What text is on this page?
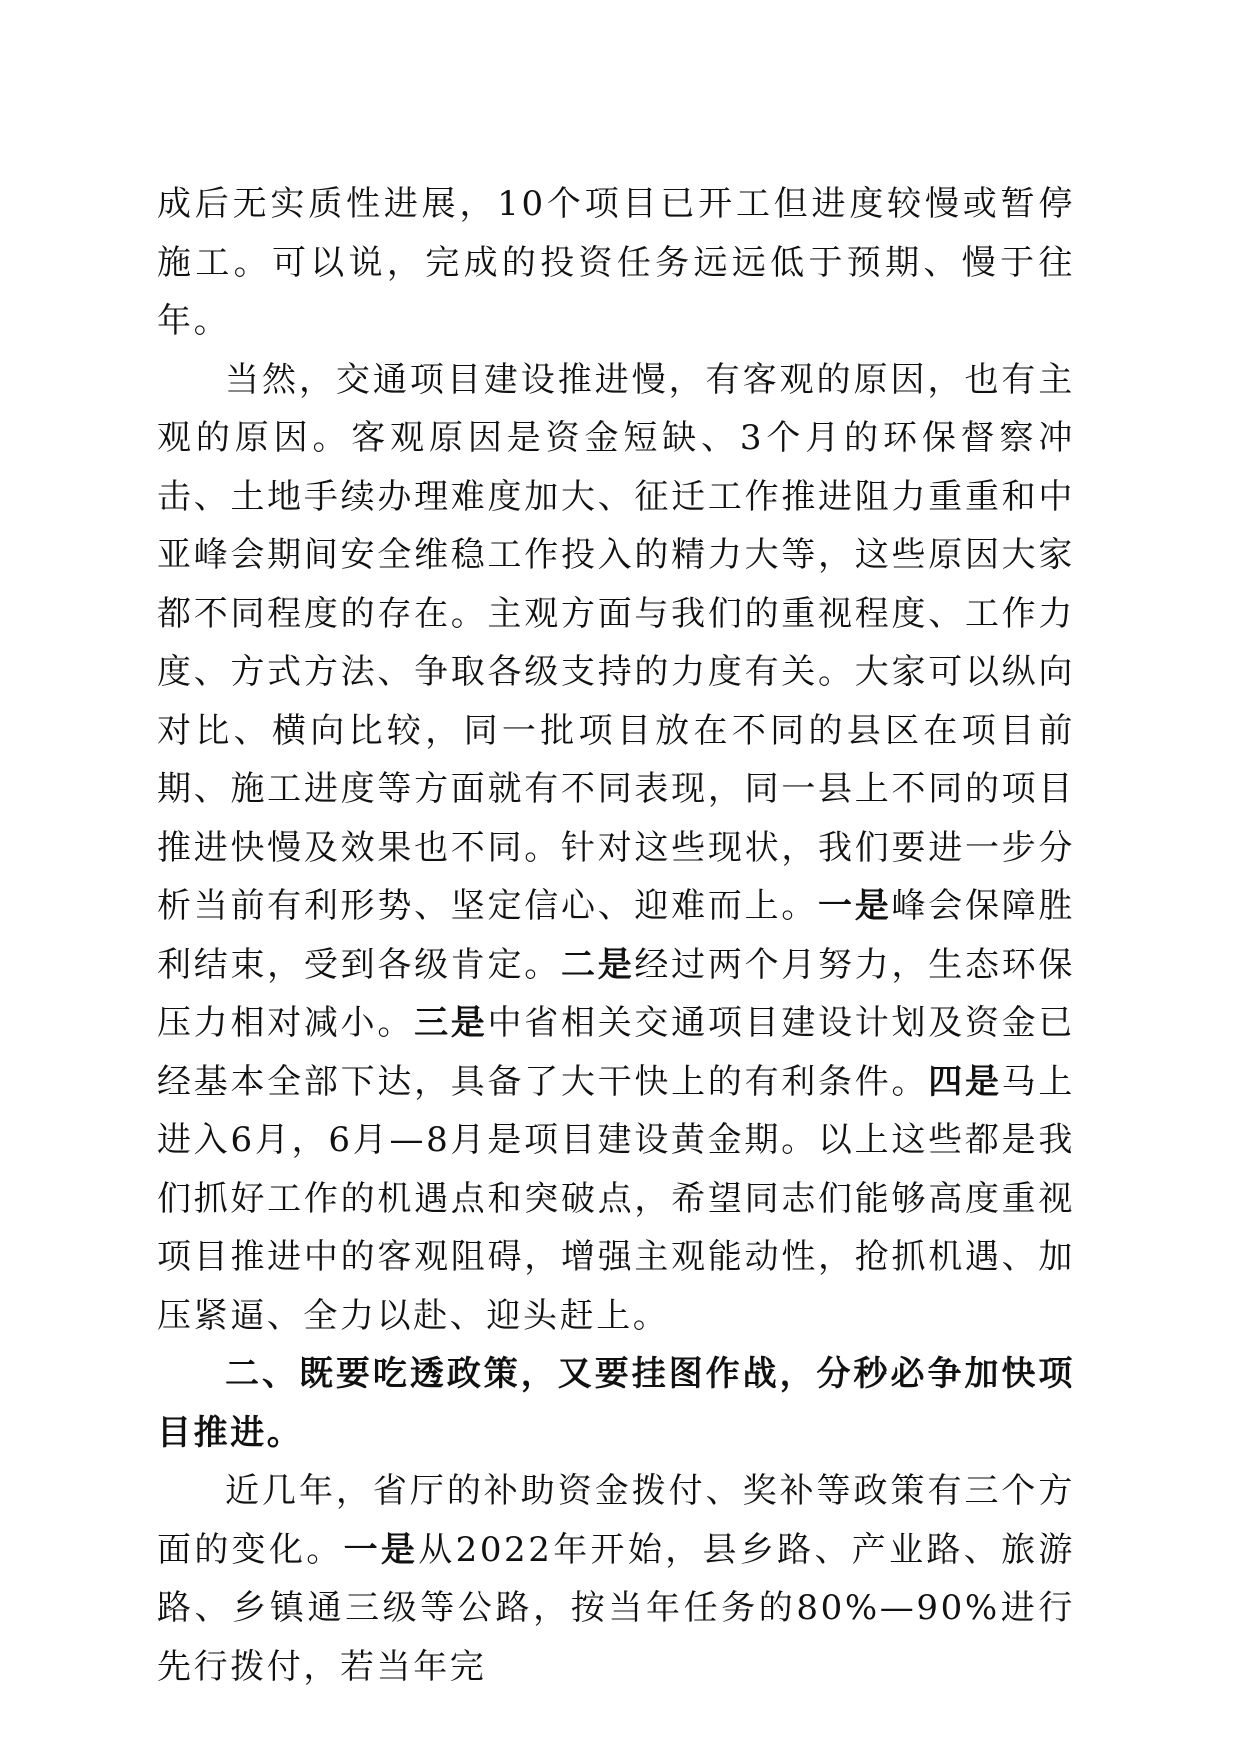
成后无实质性进展，10个项目已开工但进度较慢或暂停施工。可以说，完成的投资任务远远低于预期、慢于往年。

当然，交通项目建设推进慢，有客观的原因，也有主观的原因。客观原因是资金短缺、3个月的环保督察冲击、土地手续办理难度加大、征迁工作推进阻力重重和中亚峰会期间安全维稳工作投入的精力大等，这些原因大家都不同程度的存在。主观方面与我们的重视程度、工作力度、方式方法、争取各级支持的力度有关。大家可以纵向对比、横向比较，同一批项目放在不同的县区在项目前期、施工进度等方面就有不同表现，同一县上不同的项目推进快慢及效果也不同。针对这些现状，我们要进一步分析当前有利形势、坚定信心、迎难而上。一是峰会保障胜利结束，受到各级肯定。二是经过两个月努力，生态环保压力相对减小。三是中省相关交通项目建设计划及资金已经基本全部下达，具备了大干快上的有利条件。四是马上进入6月，6月—8月是项目建设黄金期。以上这些都是我们抓好工作的机遇点和突破点，希望同志们能够高度重视项目推进中的客观阻碍，增强主观能动性，抢抓机遇、加压紧逼、全力以赴、迎头赶上。

二、既要吃透政策，又要挂图作战，分秒必争加快项目推进。

近几年，省厅的补助资金拨付、奖补等政策有三个方面的变化。一是从2022年开始，县乡路、产业路、旅游路、乡镇通三级等公路，按当年任务的80%—90%进行先行拨付，若当年完
